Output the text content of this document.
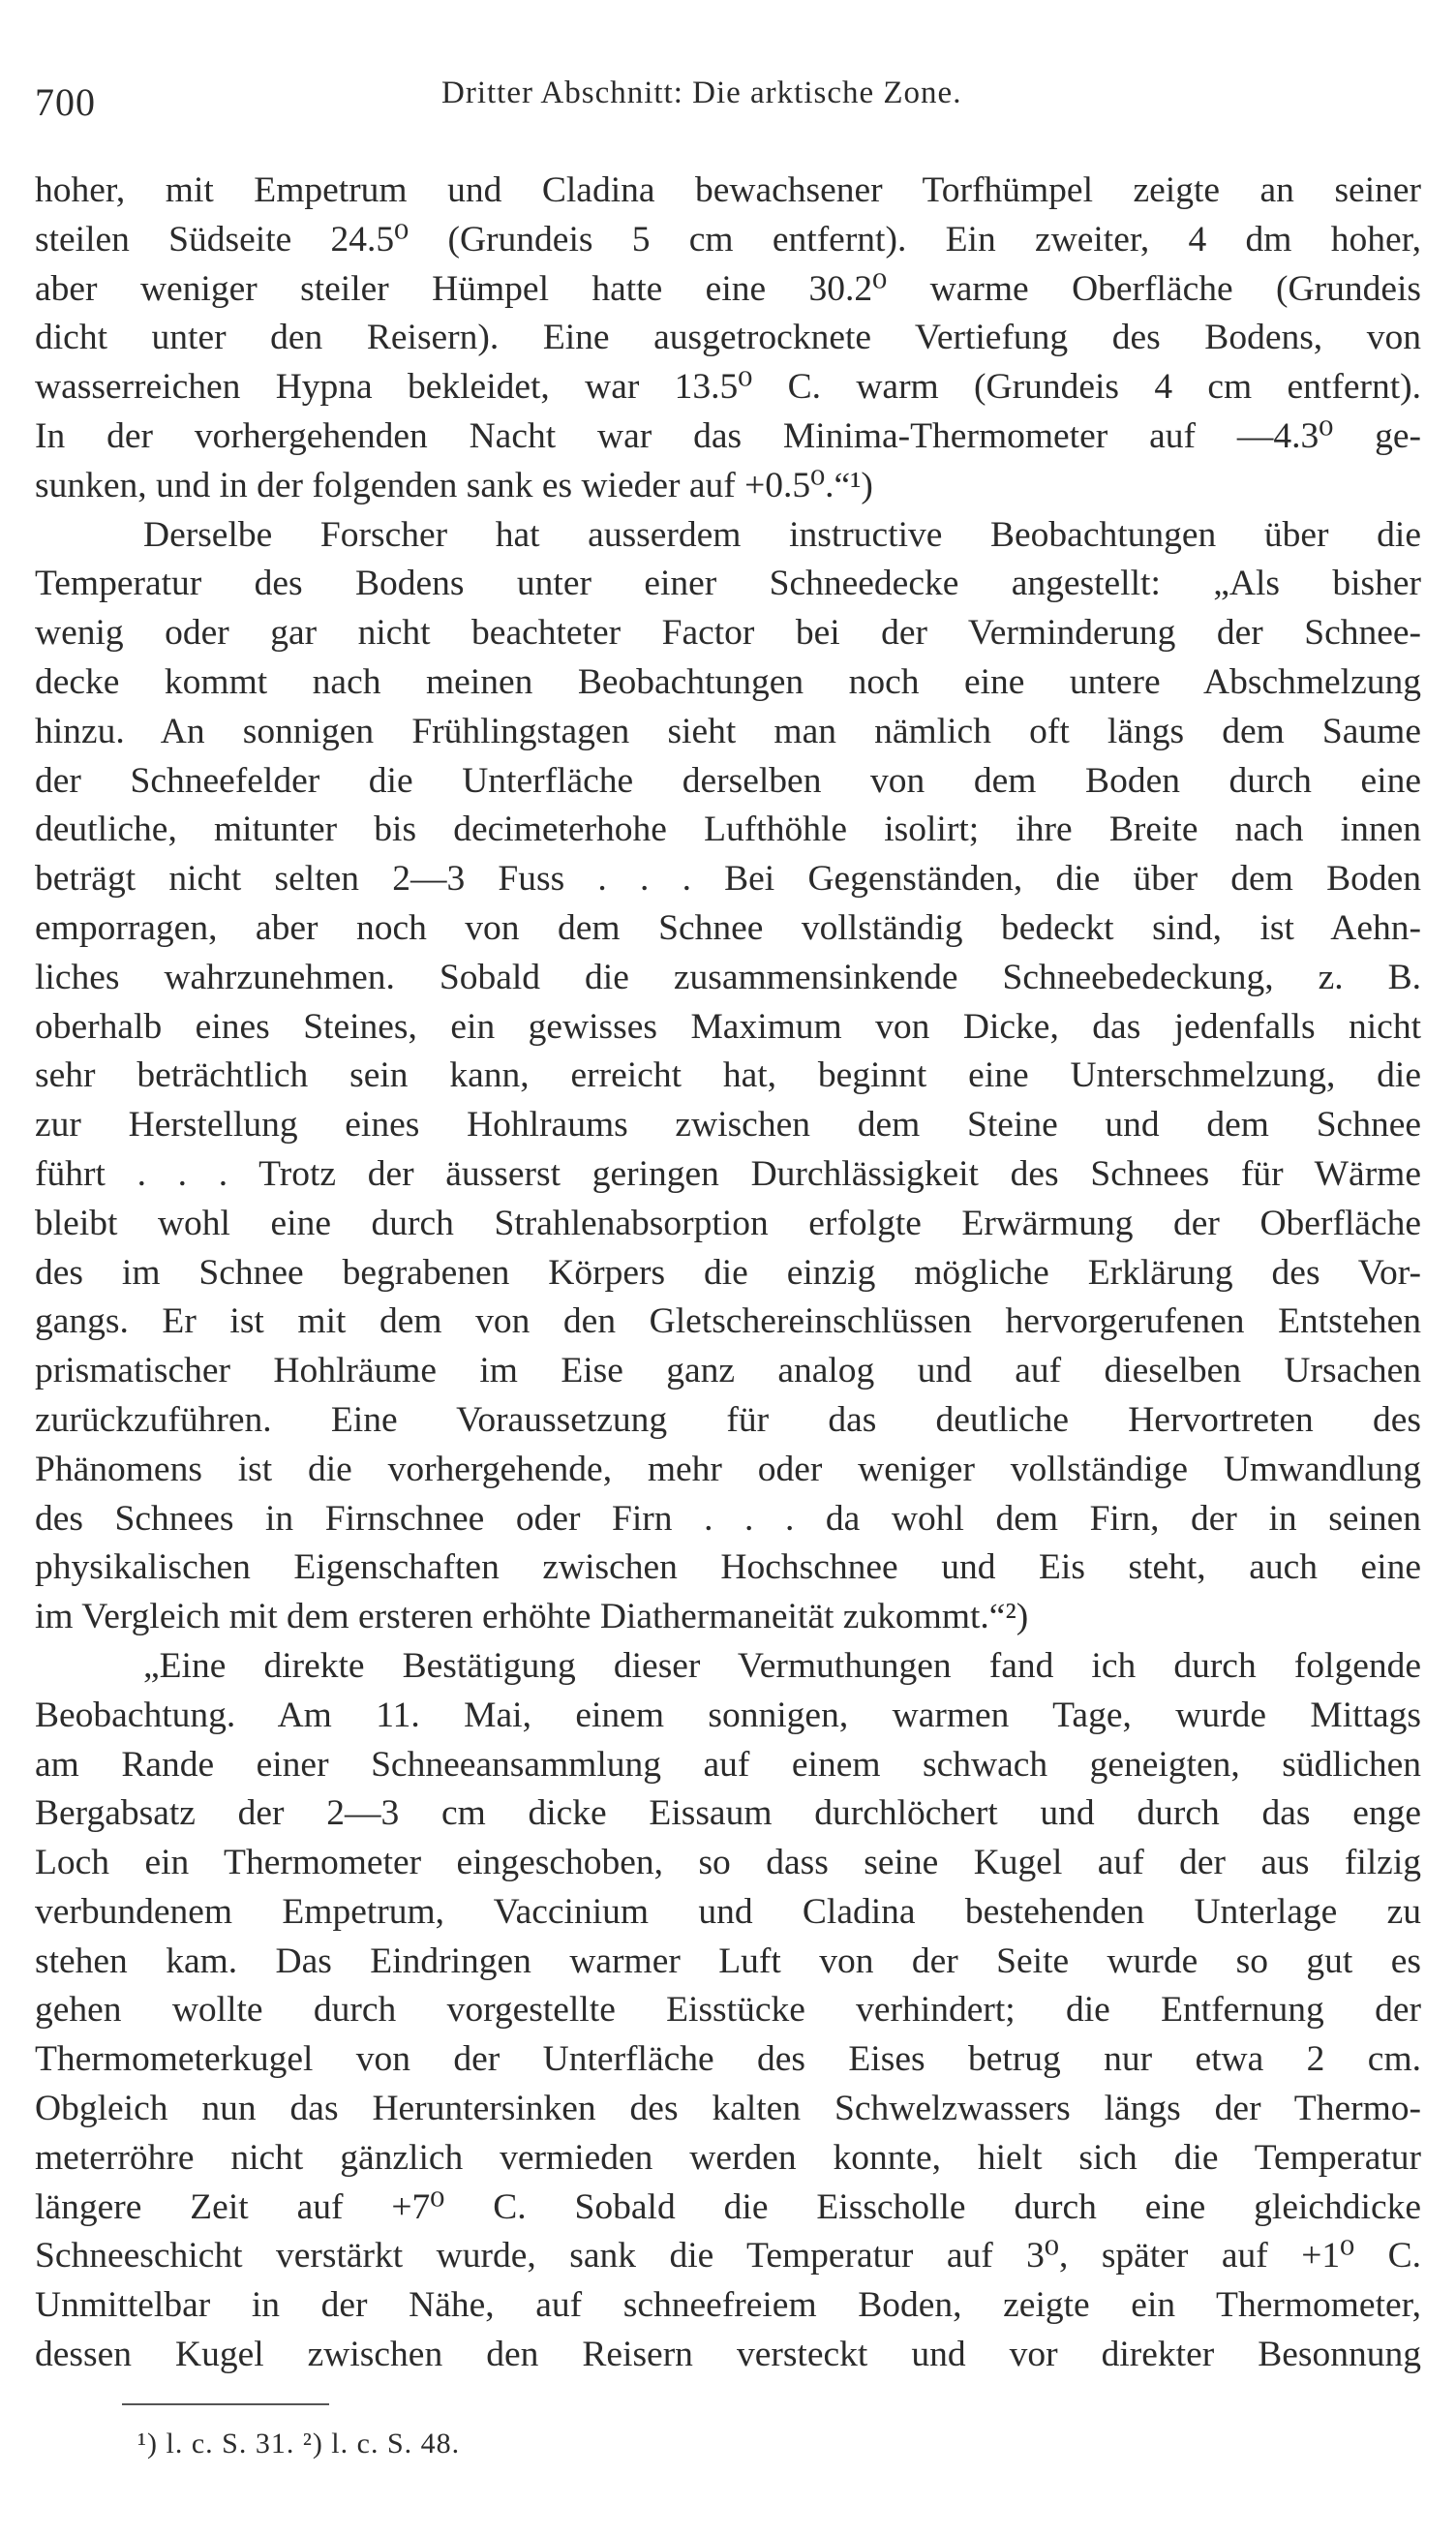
700	Dritter Abschnitt: Die arktische Zone.
hoher, mit Empetrum und Cladina bewachsener Torfhümpel zeigte an seiner
steilen Südseite 24.5⁰ (Grundeis 5 cm entfernt). Ein zweiter, 4 dm hoher,
aber weniger steiler Hümpel hatte eine 30.2⁰ warme Oberfläche (Grundeis
dicht unter den Reisern). Eine ausgetrocknete Vertiefung des Bodens, von
wasserreichen Hypna bekleidet, war 13.5⁰ C. warm (Grundeis 4 cm entfernt).
In der vorhergehenden Nacht war das Minima-Thermometer auf —4.3⁰ ge-
sunken, und in der folgenden sank es wieder auf +0.5⁰.“¹)
Derselbe Forscher hat ausserdem instructive Beobachtungen über die
Temperatur des Bodens unter einer Schneedecke angestellt: „Als bisher
wenig oder gar nicht beachteter Factor bei der Verminderung der Schnee-
decke kommt nach meinen Beobachtungen noch eine untere Abschmelzung
hinzu. An sonnigen Frühlingstagen sieht man nämlich oft längs dem Saume
der Schneefelder die Unterfläche derselben von dem Boden durch eine
deutliche, mitunter bis decimeterhohe Lufthöhle isolirt; ihre Breite nach innen
beträgt nicht selten 2—3 Fuss . . . Bei Gegenständen, die über dem Boden
emporragen, aber noch von dem Schnee vollständig bedeckt sind, ist Aehn-
liches wahrzunehmen. Sobald die zusammensinkende Schneebedeckung, z. B.
oberhalb eines Steines, ein gewisses Maximum von Dicke, das jedenfalls nicht
sehr beträchtlich sein kann, erreicht hat, beginnt eine Unterschmelzung, die
zur Herstellung eines Hohlraums zwischen dem Steine und dem Schnee
führt . . . Trotz der äusserst geringen Durchlässigkeit des Schnees für Wärme
bleibt wohl eine durch Strahlenabsorption erfolgte Erwärmung der Oberfläche
des im Schnee begrabenen Körpers die einzig mögliche Erklärung des Vor-
gangs. Er ist mit dem von den Gletschereinschlüssen hervorgerufenen Entstehen
prismatischer Hohlräume im Eise ganz analog und auf dieselben Ursachen
zurückzuführen. Eine Voraussetzung für das deutliche Hervortreten des
Phänomens ist die vorhergehende, mehr oder weniger vollständige Umwandlung
des Schnees in Firnschnee oder Firn . . . da wohl dem Firn, der in seinen
physikalischen Eigenschaften zwischen Hochschnee und Eis steht, auch eine
im Vergleich mit dem ersteren erhöhte Diathermaneität zukommt.“²)
„Eine direkte Bestätigung dieser Vermuthungen fand ich durch folgende
Beobachtung. Am 11. Mai, einem sonnigen, warmen Tage, wurde Mittags
am Rande einer Schneeansammlung auf einem schwach geneigten, südlichen
Bergabsatz der 2—3 cm dicke Eissaum durchlöchert und durch das enge
Loch ein Thermometer eingeschoben, so dass seine Kugel auf der aus filzig
verbundenem Empetrum, Vaccinium und Cladina bestehenden Unterlage zu
stehen kam. Das Eindringen warmer Luft von der Seite wurde so gut es
gehen wollte durch vorgestellte Eisstücke verhindert; die Entfernung der
Thermometerkugel von der Unterfläche des Eises betrug nur etwa 2 cm.
Obgleich nun das Heruntersinken des kalten Schwelzwassers längs der Thermo-
meterröhre nicht gänzlich vermieden werden konnte, hielt sich die Temperatur
längere Zeit auf +7⁰ C. Sobald die Eisscholle durch eine gleichdicke
Schneeschicht verstärkt wurde, sank die Temperatur auf 3⁰, später auf +1⁰ C.
Unmittelbar in der Nähe, auf schneefreiem Boden, zeigte ein Thermometer,
dessen Kugel zwischen den Reisern versteckt und vor direkter Besonnung
¹) l. c. S. 31. ²) l. c. S. 48.
